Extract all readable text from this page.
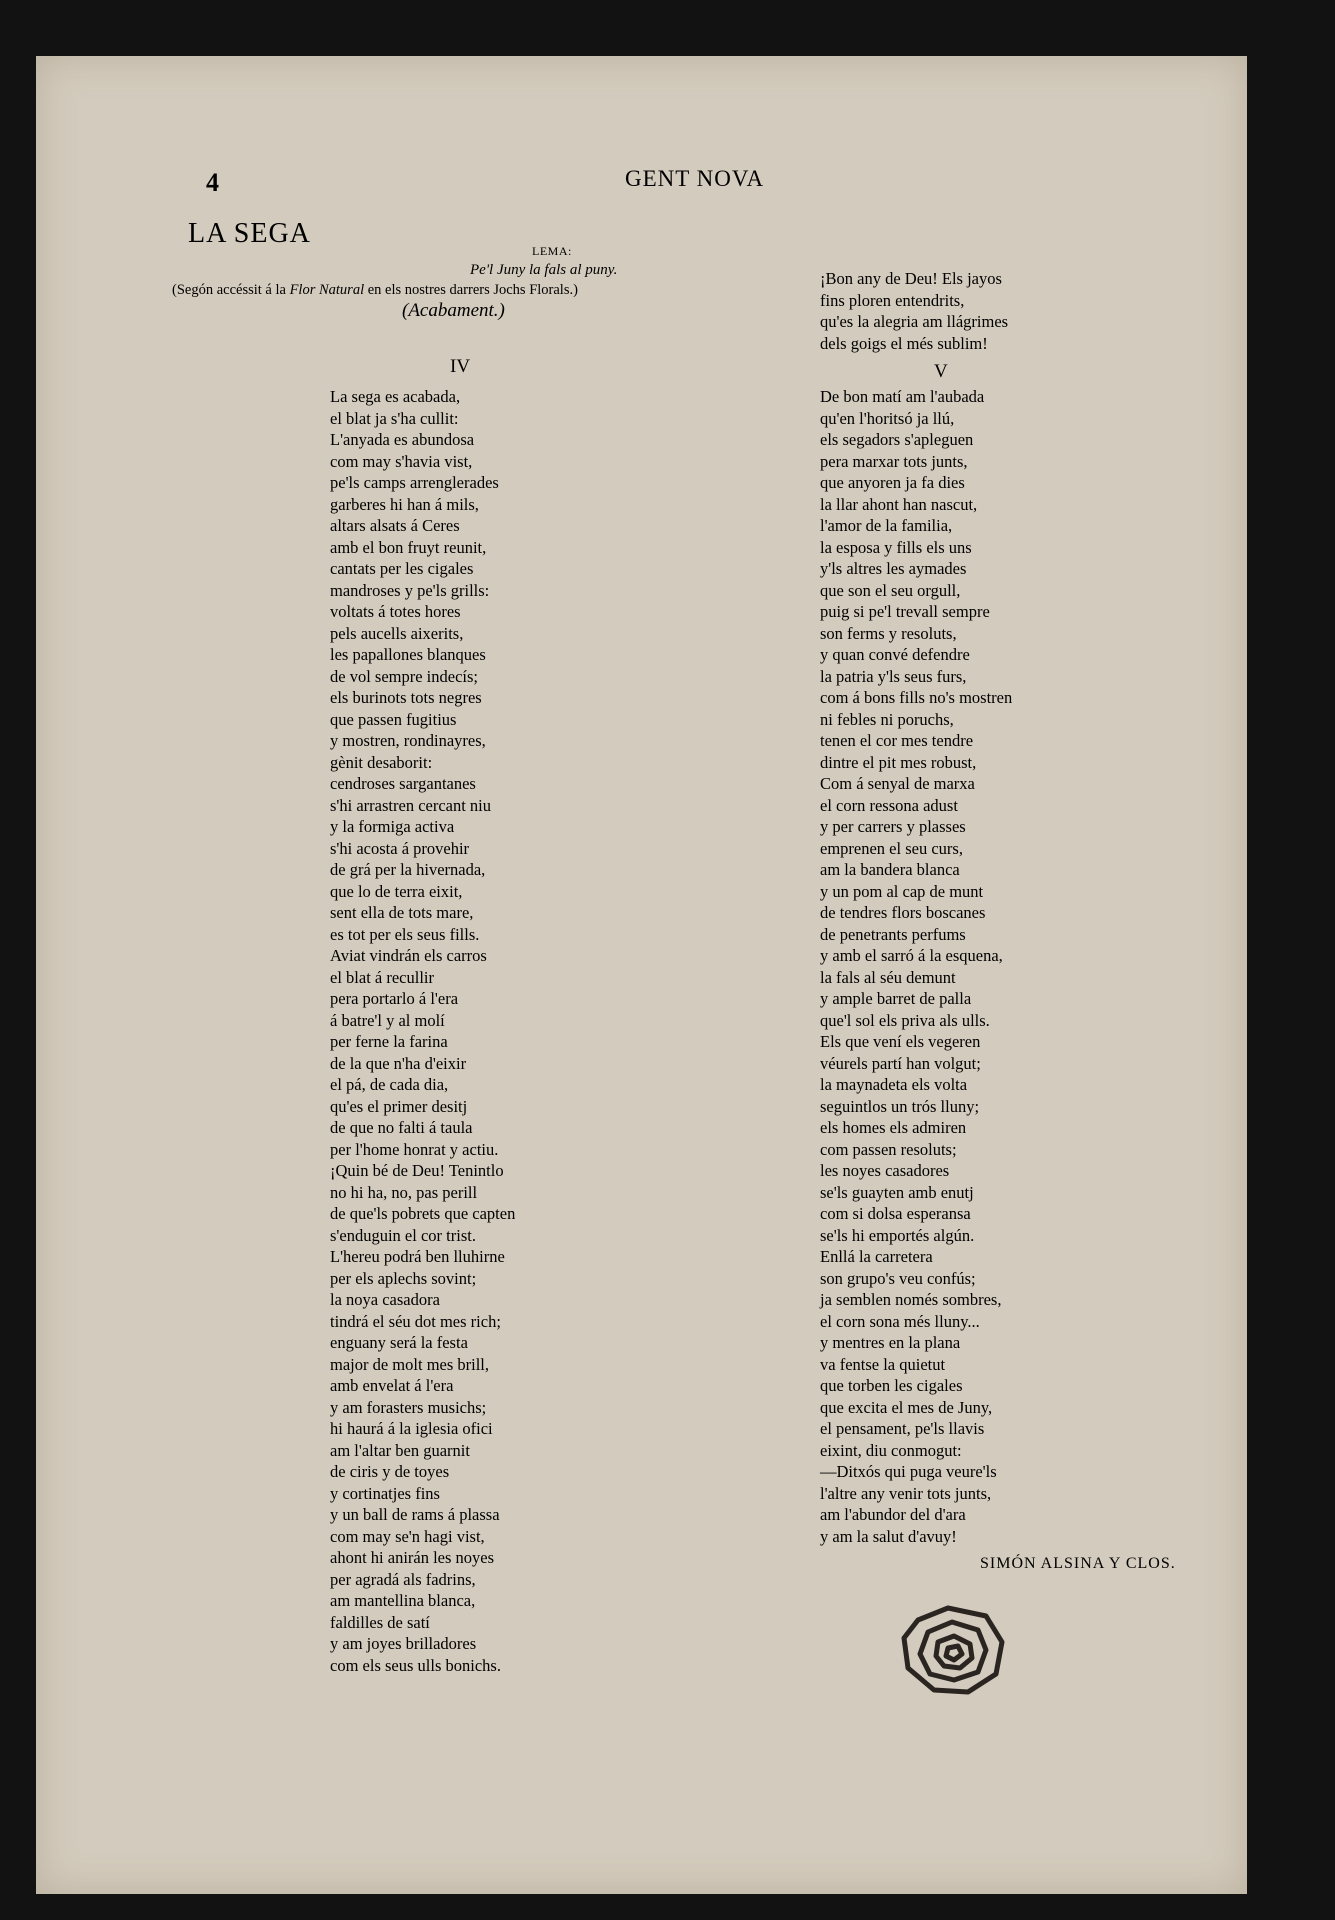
4	GENT NOVA
LA SEGA
LEMA:
Pe'l Juny la fals al puny.
(Segón accéssit á la Flor Natural en els nostres darrers Jochs Florals.)
(Acabament.)
IV
La sega es acabada,
el blat ja s'ha cullit:
L'anyada es abundosa
com may s'havia vist,
pe'ls camps arrenglerades
garberes hi han á mils,
altars alsats á Ceres
amb el bon fruyt reunit,
cantats per les cigales
mandroses y pe'ls grills:
voltats á totes hores
pels aucells aixerits,
les papallones blanques
de vol sempre indecís;
els burinots tots negres
que passen fugitius
y mostren, rondinayres,
gènit desaborit:
cendroses sargantanes
s'hi arrastren cercant niu
y la formiga activa
s'hi acosta á provehir
de grá per la hivernada,
que lo de terra eixit,
sent ella de tots mare,
es tot per els seus fills.
Aviat vindrán els carros
el blat á recullir
pera portarlo á l'era
á batre'l y al molí
per ferne la farina
de la que n'ha d'eixir
el pá, de cada dia,
qu'es el primer desitj
de que no falti á taula
per l'home honrat y actiu.
¡Quin bé de Deu! Tenintlo
no hi ha, no, pas perill
de que'ls pobrets que capten
s'enduguin el cor trist.
L'hereu podrá ben lluhirne
per els aplechs sovint;
la noya casadora
tindrá el séu dot mes rich;
enguany será la festa
major de molt mes brill,
amb envelat á l'era
y am forasters musichs;
hi haurá á la iglesia ofici
am l'altar ben guarnit
de ciris y de toyes
y cortinatjes fins
y un ball de rams á plassa
com may se'n hagi vist,
ahont hi anirán les noyes
per agradá als fadrins,
am mantellina blanca,
faldilles de satí
y am joyes brilladores
com els seus ulls bonichs.
¡Bon any de Deu! Els jayos
fins ploren entendrits,
qu'es la alegria am llágrimes
dels goigs el més sublim!
V
De bon matí am l'aubada
qu'en l'horitsó ja llú,
els segadors s'apleguen
pera marxar tots junts,
que anyoren ja fa dies
la llar ahont han nascut,
l'amor de la familia,
la esposa y fills els uns
y'ls altres les aymades
que son el seu orgull,
puig si pe'l trevall sempre
son ferms y resoluts,
y quan convé defendre
la patria y'ls seus furs,
com á bons fills no's mostren
ni febles ni poruchs,
tenen el cor mes tendre
dintre el pit mes robust,
Com á senyal de marxa
el corn ressona adust
y per carrers y plasses
emprenen el seu curs,
am la bandera blanca
y un pom al cap de munt
de tendres flors boscanes
de penetrants perfums
y amb el sarró á la esquena,
la fals al séu demunt
y ample barret de palla
que'l sol els priva als ulls.
Els que vení els vegeren
véurels partí han volgut;
la maynadeta els volta
seguintlos un trós lluny;
els homes els admiren
com passen resoluts;
les noyes casadores
se'ls guayten amb enutj
com si dolsa esperansa
se'ls hi emportés algún.
Enllá la carretera
son grupo's veu confús;
ja semblen només sombres,
el corn sona més lluny...
y mentres en la plana
va fentse la quietut
que torben les cigales
que excita el mes de Juny,
el pensament, pe'ls llavis
eixint, diu conmogut:
—Ditxós qui puga veure'ls
l'altre any venir tots junts,
am l'abundor del d'ara
y am la salut d'avuy!
SIMÓN ALSINA Y CLOS.
